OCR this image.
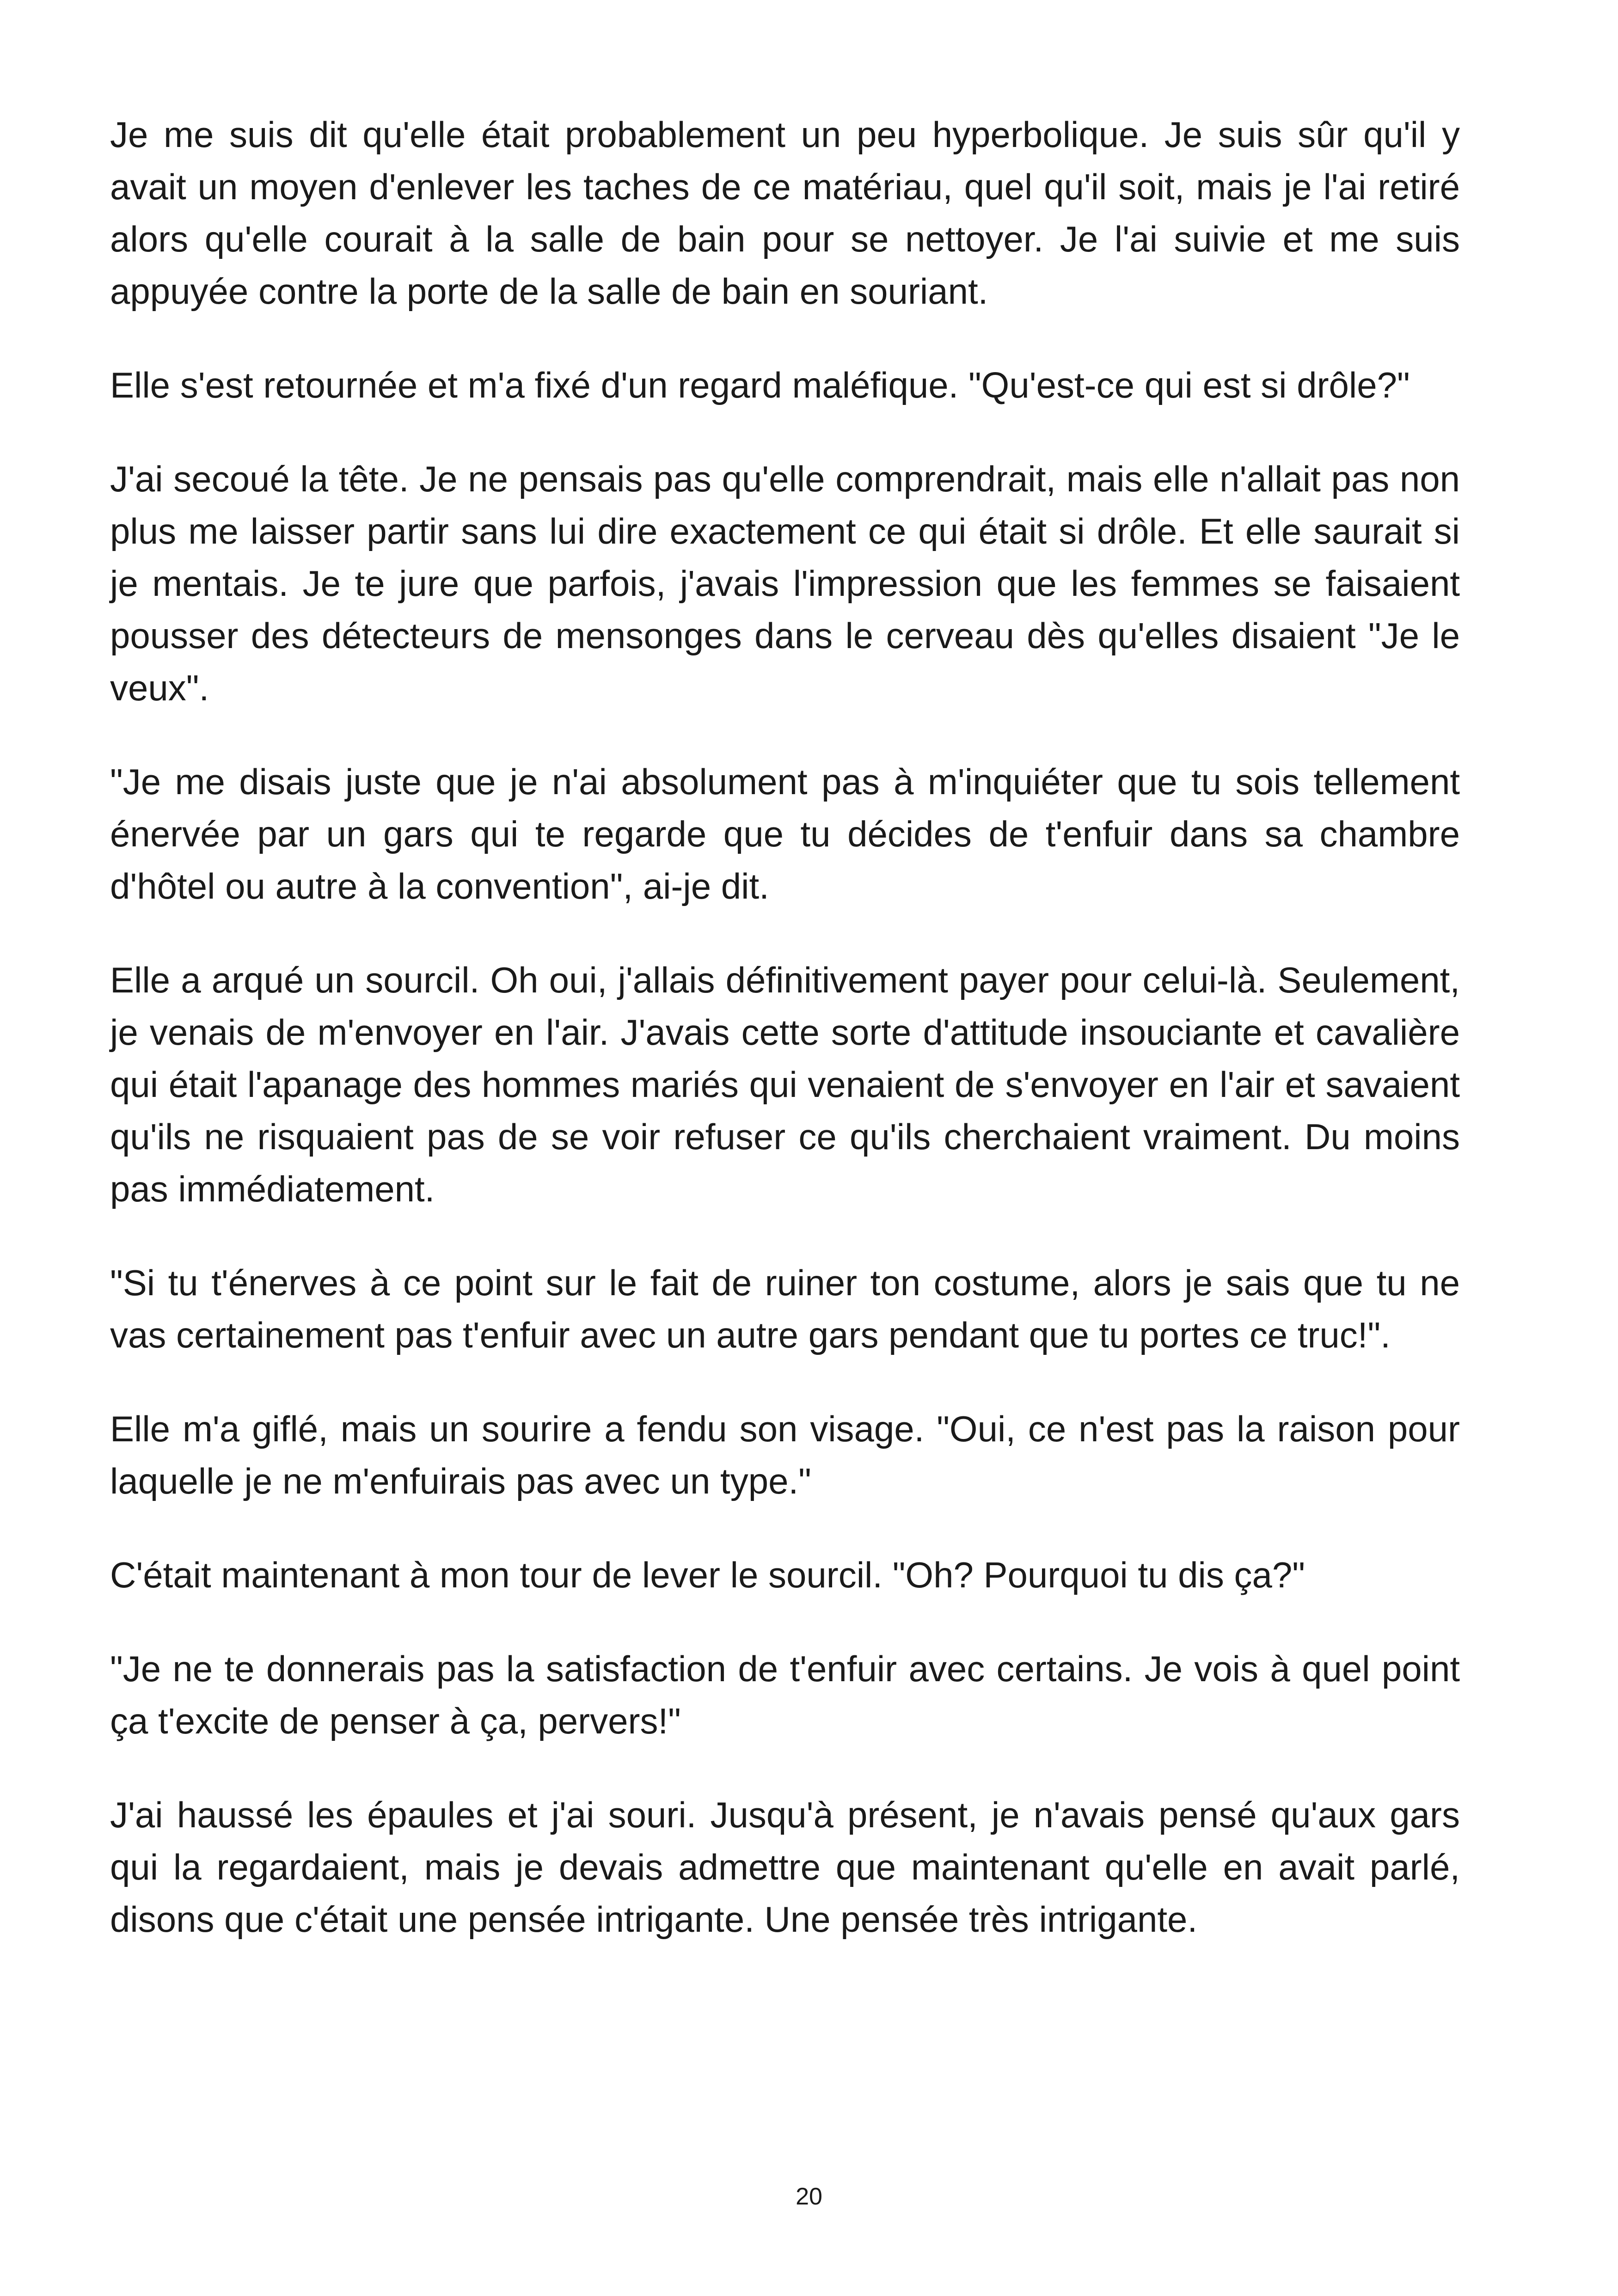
Je me suis dit qu'elle était probablement un peu hyperbolique. Je suis sûr qu'il y avait un moyen d'enlever les taches de ce matériau, quel qu'il soit, mais je l'ai retiré alors qu'elle courait à la salle de bain pour se nettoyer. Je l'ai suivie et me suis appuyée contre la porte de la salle de bain en souriant.

Elle s'est retournée et m'a fixé d'un regard maléfique. "Qu'est-ce qui est si drôle?"

J'ai secoué la tête. Je ne pensais pas qu'elle comprendrait, mais elle n'allait pas non plus me laisser partir sans lui dire exactement ce qui était si drôle. Et elle saurait si je mentais. Je te jure que parfois, j'avais l'impression que les femmes se faisaient pousser des détecteurs de mensonges dans le cerveau dès qu'elles disaient "Je le veux".

"Je me disais juste que je n'ai absolument pas à m'inquiéter que tu sois tellement énervée par un gars qui te regarde que tu décides de t'enfuir dans sa chambre d'hôtel ou autre à la convention", ai-je dit.

Elle a arqué un sourcil. Oh oui, j'allais définitivement payer pour celui-là. Seulement, je venais de m'envoyer en l'air. J'avais cette sorte d'attitude insouciante et cavalière qui était l'apanage des hommes mariés qui venaient de s'envoyer en l'air et savaient qu'ils ne risquaient pas de se voir refuser ce qu'ils cherchaient vraiment. Du moins pas immédiatement.

"Si tu t'énerves à ce point sur le fait de ruiner ton costume, alors je sais que tu ne vas certainement pas t'enfuir avec un autre gars pendant que tu portes ce truc!".

Elle m'a giflé, mais un sourire a fendu son visage. "Oui, ce n'est pas la raison pour laquelle je ne m'enfuirais pas avec un type."

C'était maintenant à mon tour de lever le sourcil. "Oh? Pourquoi tu dis ça?"

"Je ne te donnerais pas la satisfaction de t'enfuir avec certains. Je vois à quel point ça t'excite de penser à ça, pervers!"

J'ai haussé les épaules et j'ai souri. Jusqu'à présent, je n'avais pensé qu'aux gars qui la regardaient, mais je devais admettre que maintenant qu'elle en avait parlé, disons que c'était une pensée intrigante. Une pensée très intrigante.

20
